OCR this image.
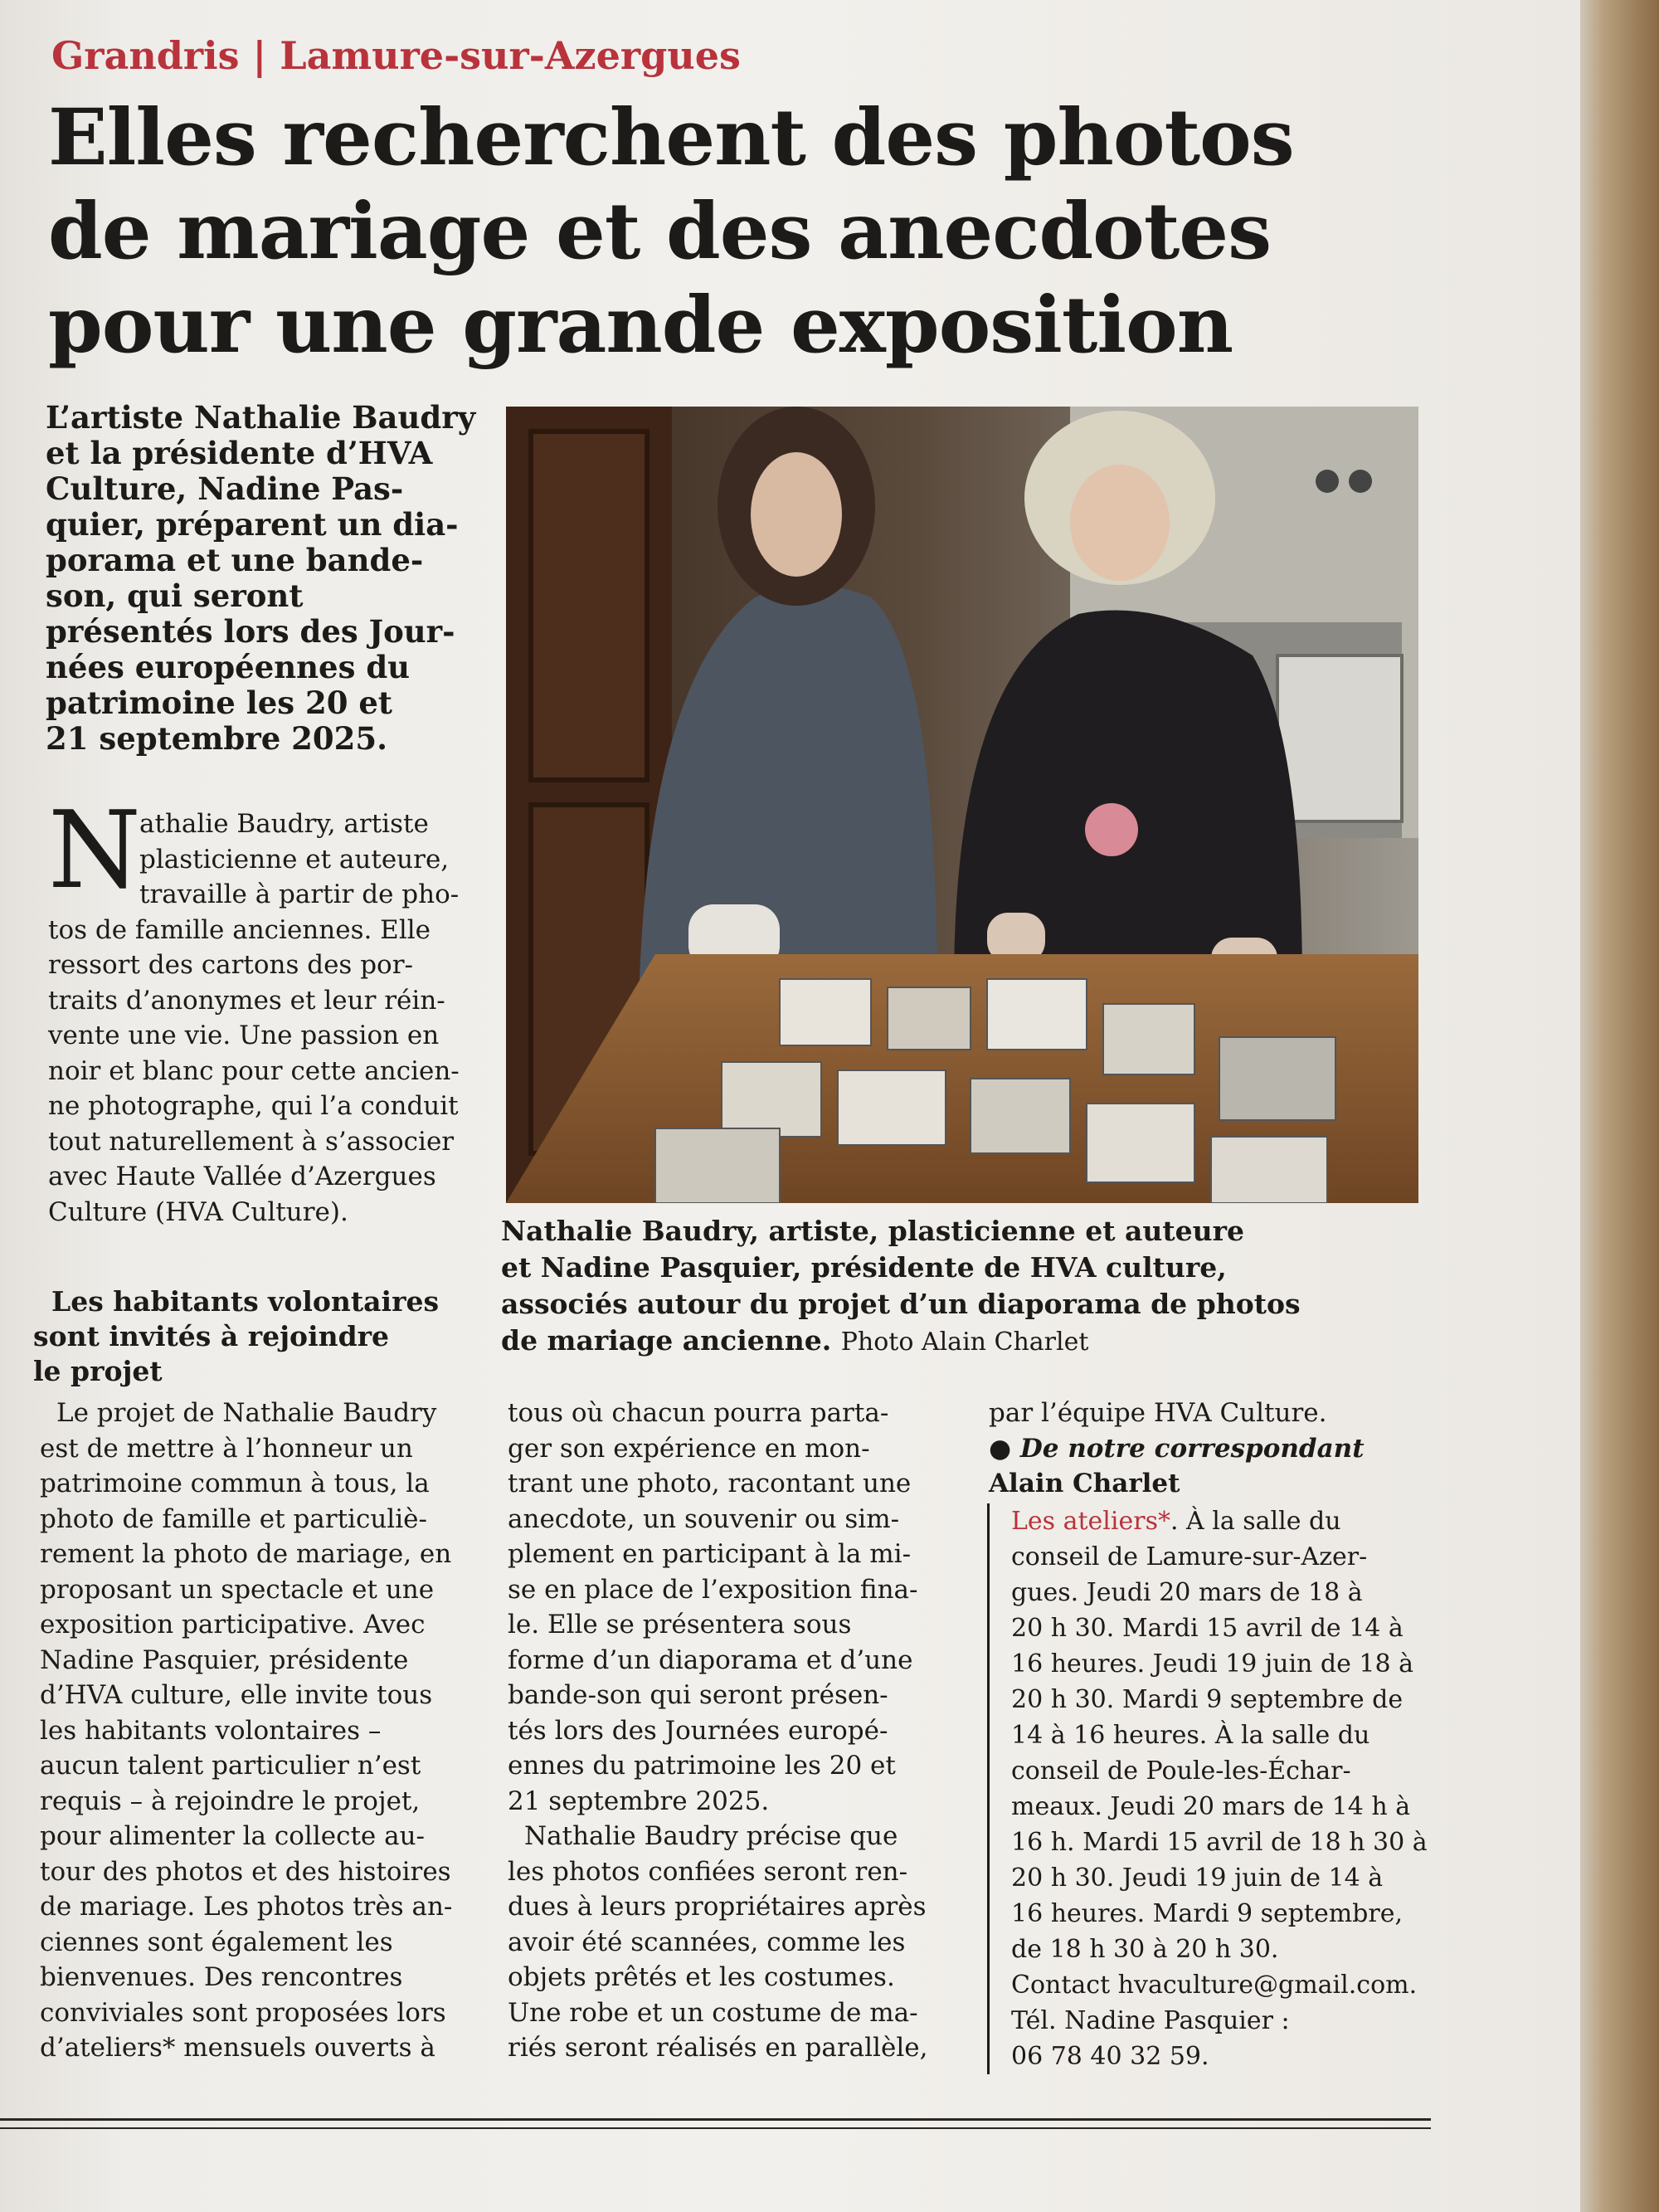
Grandris | Lamure-sur-Azergues
Elles recherchent des photos
de mariage et des anecdotes
pour une grande exposition
L’artiste Nathalie Baudry
et la présidente d’HVA
Culture, Nadine Pas-
quier, préparent un dia-
porama et une bande-
son, qui seront
présentés lors des Jour-
nées européennes du
patrimoine les 20 et
21 septembre 2025.
Nathalie Baudry, artiste, plasticienne et auteure
et Nadine Pasquier, présidente de HVA culture,
associés autour du projet d’un diaporama de photos
de mariage ancienne. Photo Alain Charlet
N
athalie Baudry, artiste
plasticienne et auteure,
travaille à partir de pho-
tos de famille anciennes. Elle
ressort des cartons des por-
traits d’anonymes et leur réin-
vente une vie. Une passion en
noir et blanc pour cette ancien-
ne photographe, qui l’a conduit
tout naturellement à s’associer
avec Haute Vallée d’Azergues
Culture (HVA Culture).
Les habitants volontaires
sont invités à rejoindre
le projet
Le projet de Nathalie Baudry
est de mettre à l’honneur un
patrimoine commun à tous, la
photo de famille et particuliè-
rement la photo de mariage, en
proposant un spectacle et une
exposition participative. Avec
Nadine Pasquier, présidente
d’HVA culture, elle invite tous
les habitants volontaires –
aucun talent particulier n’est
requis – à rejoindre le projet,
pour alimenter la collecte au-
tour des photos et des histoires
de mariage. Les photos très an-
ciennes sont également les
bienvenues. Des rencontres
conviviales sont proposées lors
d’ateliers* mensuels ouverts à
tous où chacun pourra parta-
ger son expérience en mon-
trant une photo, racontant une
anecdote, un souvenir ou sim-
plement en participant à la mi-
se en place de l’exposition fina-
le. Elle se présentera sous
forme d’un diaporama et d’une
bande-son qui seront présen-
tés lors des Journées europé-
ennes du patrimoine les 20 et
21 septembre 2025.
Nathalie Baudry précise que
les photos confiées seront ren-
dues à leurs propriétaires après
avoir été scannées, comme les
objets prêtés et les costumes.
Une robe et un costume de ma-
riés seront réalisés en parallèle,
par l’équipe HVA Culture.
● De notre correspondant
Alain Charlet
Les ateliers*. À la salle du
conseil de Lamure-sur-Azer-
gues. Jeudi 20 mars de 18 à
20 h 30. Mardi 15 avril de 14 à
16 heures. Jeudi 19 juin de 18 à
20 h 30. Mardi 9 septembre de
14 à 16 heures. À la salle du
conseil de Poule-les-Échar-
meaux. Jeudi 20 mars de 14 h à
16 h. Mardi 15 avril de 18 h 30 à
20 h 30. Jeudi 19 juin de 14 à
16 heures. Mardi 9 septembre,
de 18 h 30 à 20 h 30.
Contact hvaculture@gmail.com.
Tél. Nadine Pasquier :
06 78 40 32 59.
